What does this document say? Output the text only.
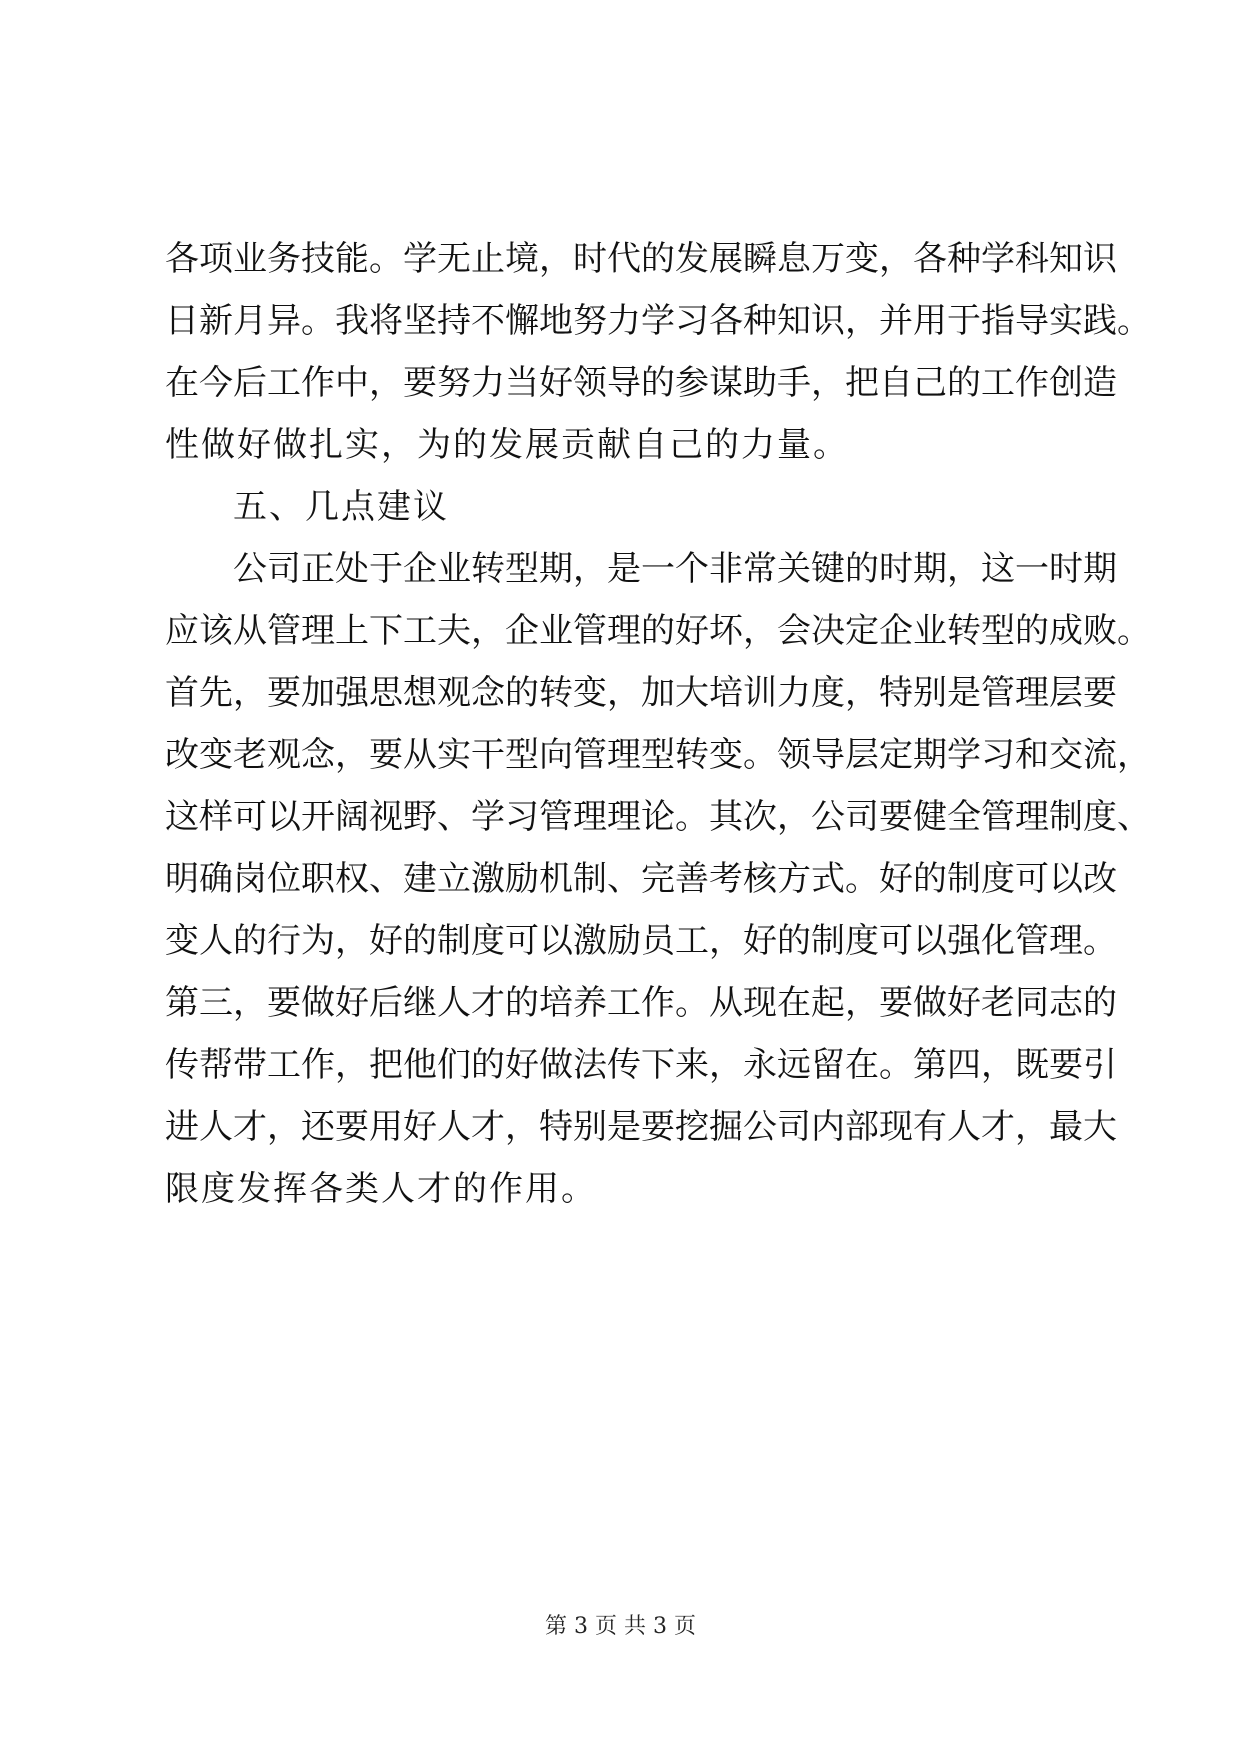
各项业务技能。学无止境，时代的发展瞬息万变，各种学科知识
日新月异。我将坚持不懈地努力学习各种知识，并用于指导实践。
在今后工作中，要努力当好领导的参谋助手，把自己的工作创造
性做好做扎实，为的发展贡献自己的力量。
五、几点建议
公司正处于企业转型期，是一个非常关键的时期，这一时期
应该从管理上下工夫，企业管理的好坏，会决定企业转型的成败。
首先，要加强思想观念的转变，加大培训力度，特别是管理层要
改变老观念，要从实干型向管理型转变。领导层定期学习和交流，
这样可以开阔视野、学习管理理论。其次，公司要健全管理制度、
明确岗位职权、建立激励机制、完善考核方式。好的制度可以改
变人的行为，好的制度可以激励员工，好的制度可以强化管理。
第三，要做好后继人才的培养工作。从现在起，要做好老同志的
传帮带工作，把他们的好做法传下来，永远留在。第四，既要引
进人才，还要用好人才，特别是要挖掘公司内部现有人才，最大
限度发挥各类人才的作用。
第 3 页 共 3 页
